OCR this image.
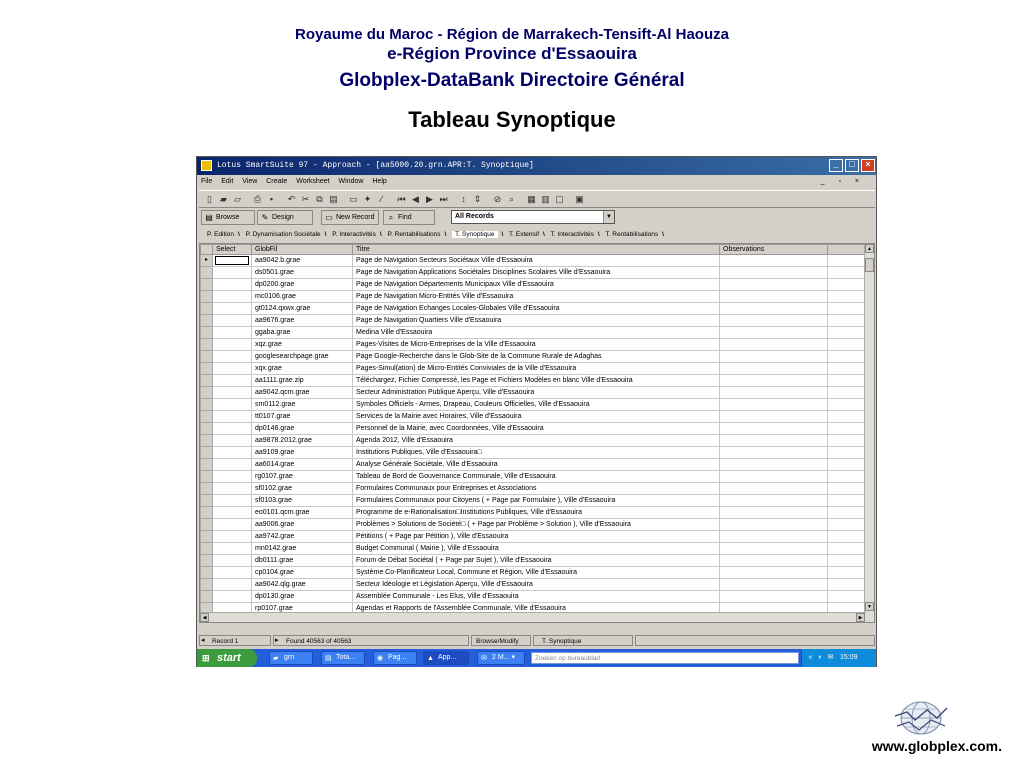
Royaume du Maroc - Région de Marrakech-Tensift-Al Haouza
e-Région Province d'Essaouira
Globplex-DataBank Directoire Général
Tableau Synoptique
Lotus SmartSuite 97 - Approach - [aa5000.20.grn.APR:T. Synoptique]	_	□	×
File Edit View Create Worksheet Window Help	_ ▫ ×
▯ ▰ ▱	⎙ ▪	↶ ✂ ⧉ ▤ ▭ ✦	⁄	⏮ ◀ ▶ ⏭	↕ ⇕	⊘ ⌕	▦ ▥ ▢ ▣
▤ Browse	✎ Design	▭ New Record	⌕ Find	All Records	▼
P. Edition \ P. Dynamisation Sociétale \ P. Interactivités \ P. Rentabilisations \ T. Synoptique \ T. Extensif \ T. Interactivités \ T. Rentabilisations \
	Select	GlobFil	Titre	Observations	
▸		aa9042.b.grae	Page de Navigation Secteurs Sociétaux Ville d'Essaouira		
		ds0501.grae	Page de Navigation Applications Sociétales Disciplines Scolaires Ville d'Essaouira		
		dp0200.grae	Page de Navigation Départements Municipaux Ville d'Essaouira		
		mc0106.grae	Page de Navigation Micro-Entités Ville d'Essaouira		
		gt0124.qxwx.grae	Page de Navigation Echanges Locales-Globales Ville d'Essaouira		
		aa9676.grae	Page de Navigation Quartiers Ville d'Essaouira		
		ggaba.grae	Medina Ville d'Essaouira		
		xqz.grae	Pages-Visites de Micro-Entreprises de la Ville d'Essaouira		
		googlesearchpage.grae	Page Google-Recherche dans le Glob-Site de la Commune Rurale de Adaghas		
		xqx.grae	Pages-Simul(ation) de Micro-Entités Conviviales de la Ville d'Essaouira		
		aa1111.grae.zip	Téléchargez, Fichier Compressé, les Page et Fichiers Modèles en blanc Ville d'Essaouira		
		aa9042.qcm.grae	Secteur Administration Publique Aperçu, Ville d'Essaouira		
		sm0112.grae	Symboles Officiels - Armes, Drapeau, Couleurs Officielles, Ville d'Essaouira		
		tt0107.grae	Services de la Mairie avec Horaires, Ville d'Essaouira		
		dp0146.grae	Personnel de la Mairie, avec Coordonnées, Ville d'Essaouira		
		aa9878.2012.grae	Agenda 2012, Ville d'Essaouira		
		aa9109.grae	Institutions Publiques, Ville d'Essaouira□		
		aa6014.grae	Analyse Générale Sociétale, Ville d'Essaouira		
		rg0107.grae	Tableau de Bord de Gouvernance Communale, Ville d'Essaouira		
		sf0102.grae	Formulaires Communaux pour Entreprises et Associations		
		sf0103.grae	Formulaires Communaux pour Citoyens ( + Page par Formulaire ), Ville d'Essaouira		
		eo0101.qcm.grae	Programme de e-Rationalisation□Institutions Publiques, Ville d'Essaouira		
		aa9006.grae	Problèmes > Solutions de Société□ ( + Page par Problème > Solution ), Ville d'Essaouira		
		aa9742.grae	Pétitions ( + Page par Pétition ), Ville d'Essaouira		
		mn0142.grae	Budget Communal ( Mairie ), Ville d'Essaouira		
		db0111.grae	Forum de Débat Sociétal ( + Page par Sujet ), Ville d'Essaouira		
		cp0104.grae	Système Co-Planificateur Local, Commune et Région, Ville d'Essaouira		
		aa9042.qlg.grae	Secteur Idéologie et Législation Aperçu, Ville d'Essaouira		
		dp0130.grae	Assemblée Communale - Les Elus, Ville d'Essaouira		
		rp0107.grae	Agendas et Rapports de l'Assemblée Communale, Ville d'Essaouira		

▲
▼
◀	▶
◂	Record 1	▸	Found 40563 of 40563	Browse/Modify	T. Synoptique
⊞ start	▰ grn	▤ Tota...	◉ Pag...	▲ App...	✉ 2 M... ▾	Zoeken op bureaublad	« ◐ ✉ 15:09
www.globplex.com.
